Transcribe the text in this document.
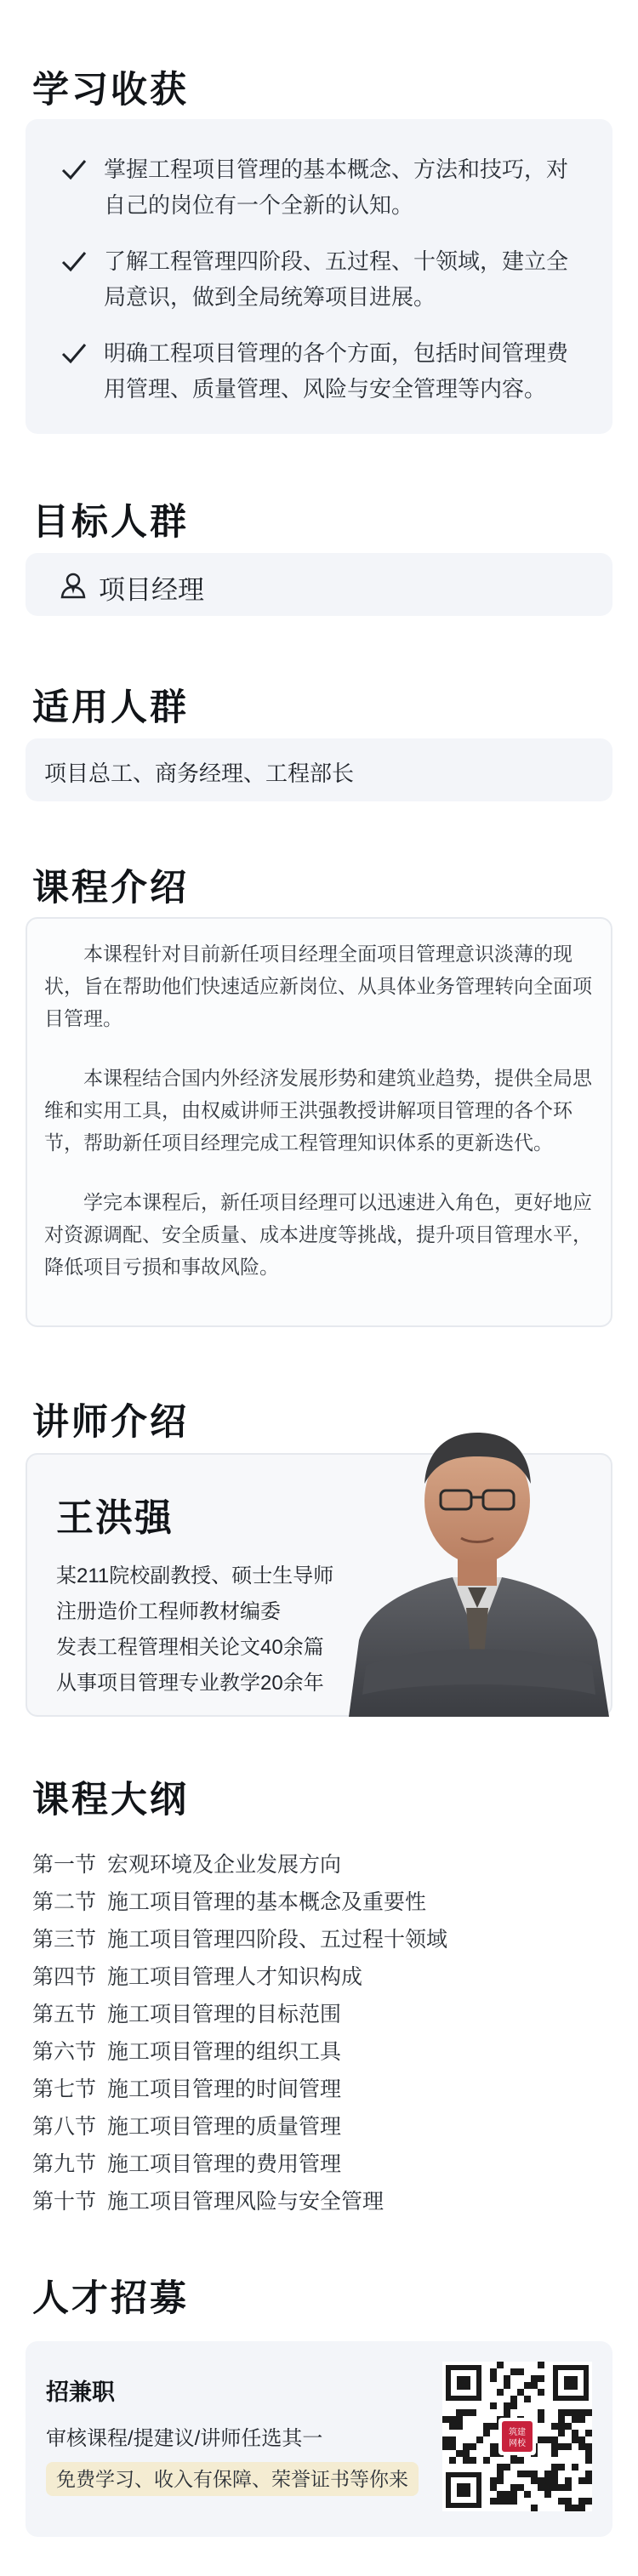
学习收获
掌握工程项目管理的基本概念、方法和技巧，对自己的岗位有一个全新的认知。
了解工程管理四阶段、五过程、十领域，建立全局意识，做到全局统筹项目进展。
明确工程项目管理的各个方面，包括时间管理费用管理、质量管理、风险与安全管理等内容。
目标人群
项目经理
适用人群
项目总工、商务经理、工程部长
课程介绍
本课程针对目前新任项目经理全面项目管理意识淡薄的现状，旨在帮助他们快速适应新岗位、从具体业务管理转向全面项目管理。
本课程结合国内外经济发展形势和建筑业趋势，提供全局思维和实用工具，由权威讲师王洪强教授讲解项目管理的各个环节，帮助新任项目经理完成工程管理知识体系的更新迭代。
学完本课程后，新任项目经理可以迅速进入角色，更好地应对资源调配、安全质量、成本进度等挑战，提升项目管理水平，降低项目亏损和事故风险。
讲师介绍
王洪强
某211院校副教授、硕士生导师
注册造价工程师教材编委
发表工程管理相关论文40余篇
从事项目管理专业教学20余年
课程大纲
第一节 宏观环境及企业发展方向
第二节 施工项目管理的基本概念及重要性
第三节 施工项目管理四阶段、五过程十领域
第四节 施工项目管理人才知识构成
第五节 施工项目管理的目标范围
第六节 施工项目管理的组织工具
第七节 施工项目管理的时间管理
第八节 施工项目管理的质量管理
第九节 施工项目管理的费用管理
第十节 施工项目管理风险与安全管理
人才招募
招兼职
审核课程/提建议/讲师任选其一
免费学习、收入有保障、荣誉证书等你来
筑建
网校
